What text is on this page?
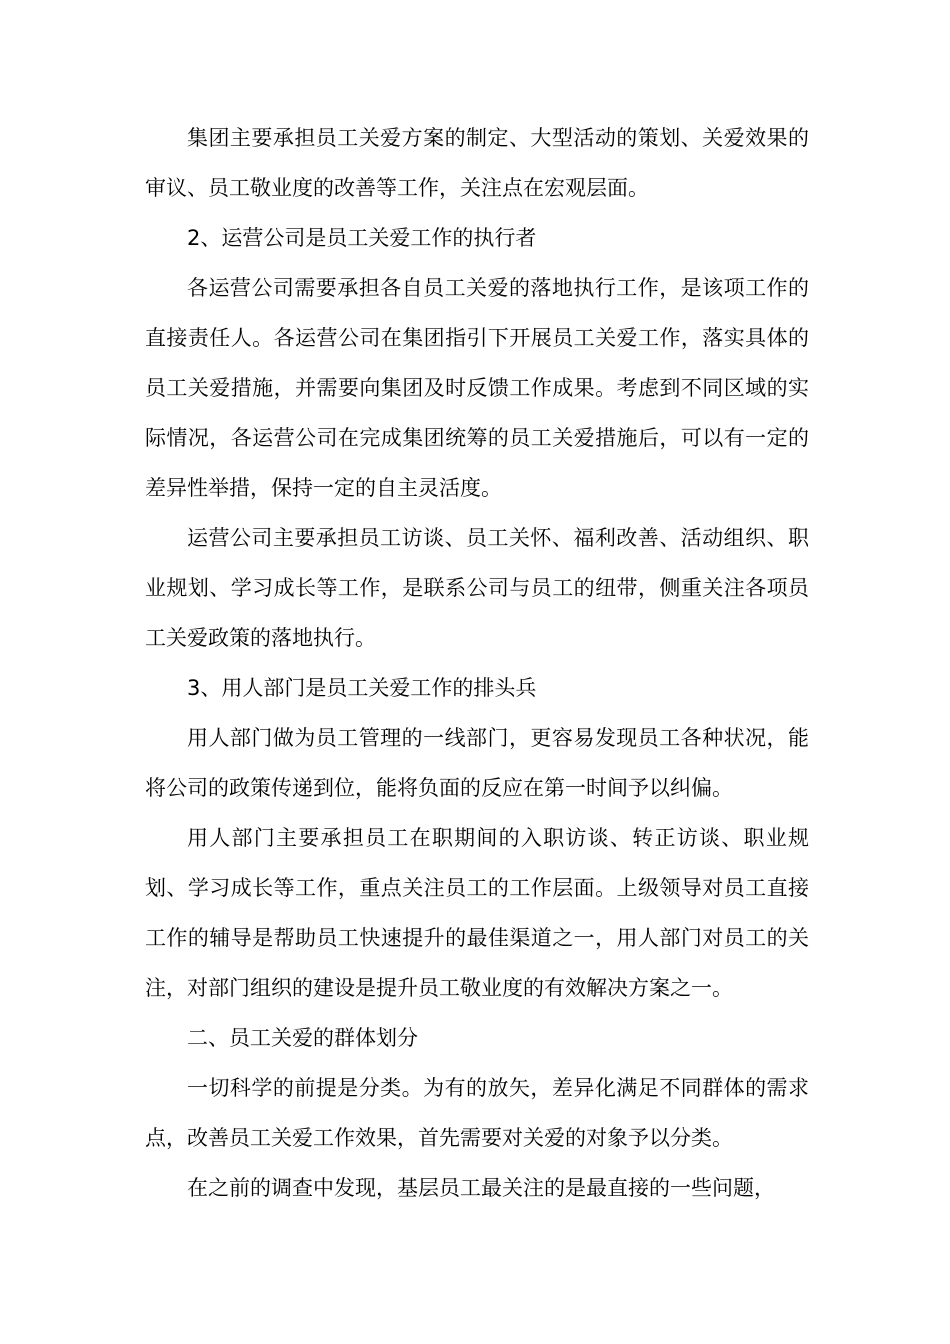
集团主要承担员工关爱方案的制定、大型活动的策划、关爱效果的审议、员工敬业度的改善等工作，关注点在宏观层面。

2、运营公司是员工关爱工作的执行者

各运营公司需要承担各自员工关爱的落地执行工作，是该项工作的直接责任人。各运营公司在集团指引下开展员工关爱工作，落实具体的员工关爱措施，并需要向集团及时反馈工作成果。考虑到不同区域的实际情况，各运营公司在完成集团统筹的员工关爱措施后，可以有一定的差异性举措，保持一定的自主灵活度。

运营公司主要承担员工访谈、员工关怀、福利改善、活动组织、职业规划、学习成长等工作，是联系公司与员工的纽带，侧重关注各项员工关爱政策的落地执行。

3、用人部门是员工关爱工作的排头兵

用人部门做为员工管理的一线部门，更容易发现员工各种状况，能将公司的政策传递到位，能将负面的反应在第一时间予以纠偏。

用人部门主要承担员工在职期间的入职访谈、转正访谈、职业规划、学习成长等工作，重点关注员工的工作层面。上级领导对员工直接工作的辅导是帮助员工快速提升的最佳渠道之一，用人部门对员工的关注，对部门组织的建设是提升员工敬业度的有效解决方案之一。

二、员工关爱的群体划分

一切科学的前提是分类。为有的放矢，差异化满足不同群体的需求点，改善员工关爱工作效果，首先需要对关爱的对象予以分类。

在之前的调查中发现，基层员工最关注的是最直接的一些问题，
